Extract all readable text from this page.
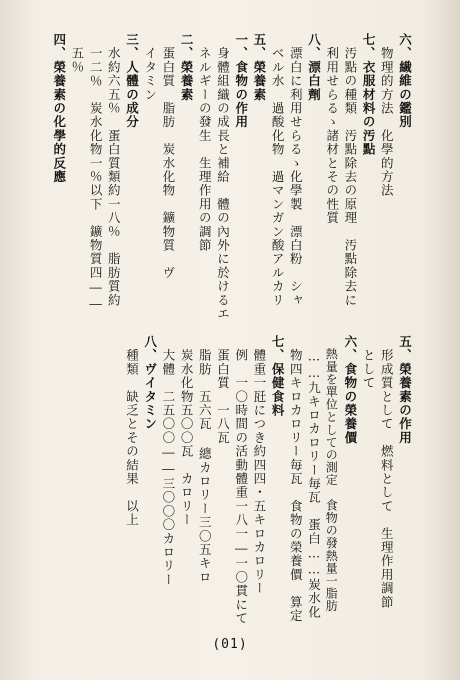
六、繊維の鑑別
　物理的方法　化學的方法
七、衣服材料の汚點
　汚點の種類　汚點除去の原理　汚點除去に
　利用せらるゝ諸材とその性質
八、漂白劑
　漂白に利用せらるゝ化學製　漂白粉　シャ
　ベル水　過酸化物　過マンガン酸アルカリ
五、榮養素
一、食物の作用
　身體組織の成長と補給　體の內外に於けるエ
　ネルギーの發生　生理作用の調節
二、榮養素
　蛋白質　脂肪　炭水化物　鑛物質　ヴ
　イタミン
三、人體の成分
　水約六五％　蛋白質類約一八％　脂肪質約
　一二％　炭水化物一％以下　鑛物質四――
　五％
四、榮養素の化學的反應
五、榮養素の作用
　形成質として　燃料として　生理作用調節
　として
六、食物の榮養價
　熱量を單位としての測定　食物の發熱量一脂肪
　……九キロカロリー毎瓦　蛋白……炭水化
　物四キロカロリー毎瓦　食物の榮養價　算定
七、保健食料
　體重一瓩につき約四四・五キロカロリー
　例　一〇時間の活動體重一八一―一〇貫にて
　蛋白質　一八瓦
　脂肪　五六瓦 總カロリー三〇五キロ
　炭水化物五〇〇瓦　カロリー
　大體　二五〇〇――三〇〇〇カロリー
八、ヴイタミン
　種類　缺乏とその結果　以上
(01)
